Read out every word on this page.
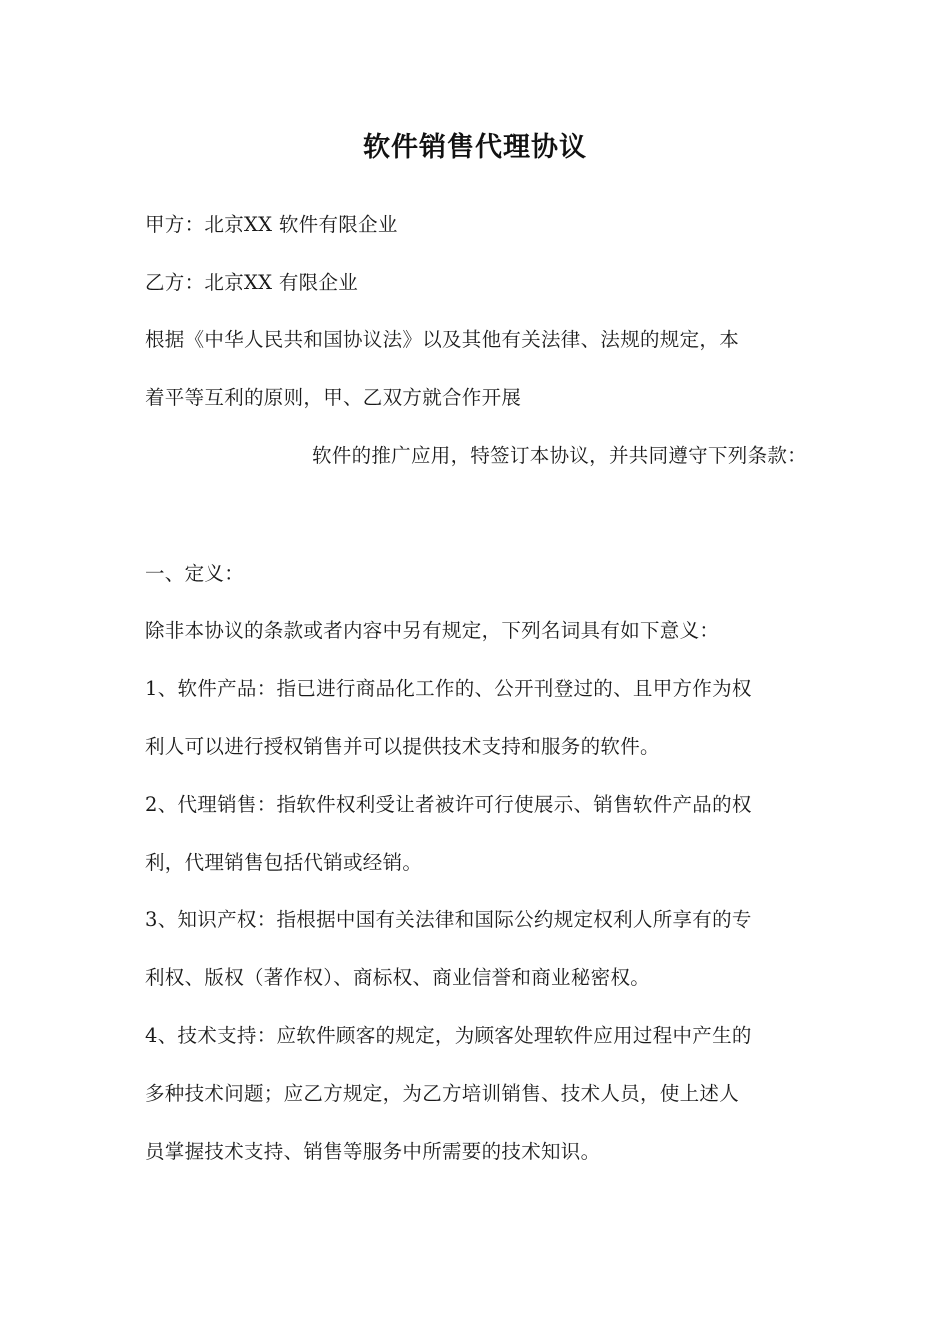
软件销售代理协议
甲方：北京XX 软件有限企业
乙方：北京XX 有限企业
根据《中华人民共和国协议法》以及其他有关法律、法规的规定，本
着平等互利的原则，甲、乙双方就合作开展
软件的推广应用，特签订本协议，并共同遵守下列条款：
一、定义：
除非本协议的条款或者内容中另有规定，下列名词具有如下意义：
1、软件产品：指已进行商品化工作的、公开刊登过的、且甲方作为权
利人可以进行授权销售并可以提供技术支持和服务的软件。
2、代理销售：指软件权利受让者被许可行使展示、销售软件产品的权
利，代理销售包括代销或经销。
3、知识产权：指根据中国有关法律和国际公约规定权利人所享有的专
利权、版权（著作权）、商标权、商业信誉和商业秘密权。
4、技术支持：应软件顾客的规定，为顾客处理软件应用过程中产生的
多种技术问题；应乙方规定，为乙方培训销售、技术人员，使上述人
员掌握技术支持、销售等服务中所需要的技术知识。
